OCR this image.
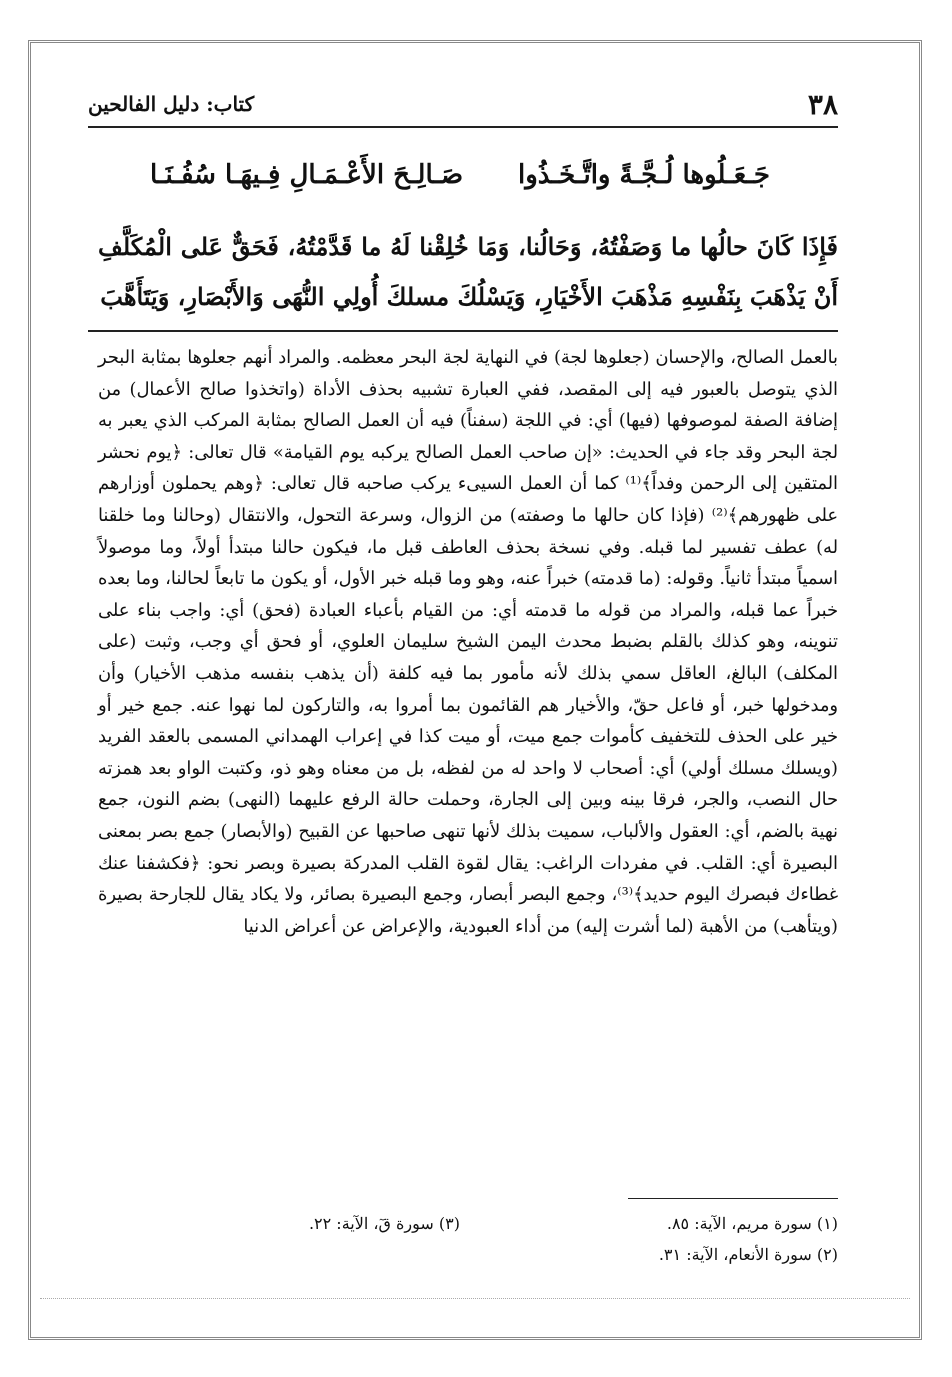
٣٨
كتاب: دليل الفالحين
جَـعَـلُوها لُـجَّـةً واتَّـخَـذُوا
صَـالِـحَ الأَعْـمَـالِ فِـيهَـا سُفُـنَـا
فَإِذَا كَانَ حالُها ما وَصَفْتُهُ، وَحَالُنا، وَمَا خُلِقْنا لَهُ ما قَدَّمْتُهُ، فَحَقٌّ عَلى الْمُكَلَّفِ أَنْ يَذْهَبَ بِنَفْسِهِ مَذْهَبَ الأَخْيَارِ، وَيَسْلُكَ مسلكَ أُولِي النُّهَى وَالأَبْصَارِ، وَيَتَأَهَّبَ

بالعمل الصالح، والإحسان (جعلوها لجة) في النهاية لجة البحر معظمه. والمراد أنهم جعلوها بمثابة البحر الذي يتوصل بالعبور فيه إلى المقصد، ففي العبارة تشبيه بحذف الأداة (واتخذوا صالح الأعمال) من إضافة الصفة لموصوفها (فيها) أي: في اللجة (سفناً) فيه أن العمل الصالح بمثابة المركب الذي يعبر به لجة البحر وقد جاء في الحديث: «إن صاحب العمل الصالح يركبه يوم القيامة» قال تعالى: ﴿يوم نحشر المتقين إلى الرحمن وفداً﴾⁽¹⁾ كما أن العمل السيىء يركب صاحبه قال تعالى: ﴿وهم يحملون أوزارهم على ظهورهم﴾⁽²⁾ (فإذا كان حالها ما وصفته) من الزوال، وسرعة التحول، والانتقال (وحالنا وما خلقنا له) عطف تفسير لما قبله. وفي نسخة بحذف العاطف قبل ما، فيكون حالنا مبتدأ أولاً، وما موصولاً اسمياً مبتدأ ثانياً. وقوله: (ما قدمته) خبراً عنه، وهو وما قبله خبر الأول، أو يكون ما تابعاً لحالنا، وما بعده خبراً عما قبله، والمراد من قوله ما قدمته أي: من القيام بأعباء العبادة (فحق) أي: واجب بناء على تنوينه، وهو كذلك بالقلم بضبط محدث اليمن الشيخ سليمان العلوي، أو فحق أي وجب، وثبت (على المكلف) البالغ، العاقل سمي بذلك لأنه مأمور بما فيه كلفة (أن يذهب بنفسه مذهب الأخيار) وأن ومدخولها خبر، أو فاعل حقّ، والأخيار هم القائمون بما أمروا به، والتاركون لما نهوا عنه. جمع خير أو خير على الحذف للتخفيف كأموات جمع ميت، أو ميت كذا في إعراب الهمداني المسمى بالعقد الفريد (ويسلك مسلك أولي) أي: أصحاب لا واحد له من لفظه، بل من معناه وهو ذو، وكتبت الواو بعد همزته حال النصب، والجر، فرقا بينه وبين إلى الجارة، وحملت حالة الرفع عليهما (النهى) بضم النون، جمع نهية بالضم، أي: العقول والألباب، سميت بذلك لأنها تنهى صاحبها عن القبيح (والأبصار) جمع بصر بمعنى البصيرة أي: القلب. في مفردات الراغب: يقال لقوة القلب المدركة بصيرة وبصر نحو: ﴿فكشفنا عنك غطاءك فبصرك اليوم حديد﴾⁽³⁾، وجمع البصر أبصار، وجمع البصيرة بصائر، ولا يكاد يقال للجارحة بصيرة (ويتأهب) من الأهبة (لما أشرت إليه) من أداء العبودية، والإعراض عن أعراض الدنيا

(١) سورة مريم، الآية: ٨٥.
(٢) سورة الأنعام، الآية: ٣١.
(٣) سورة قٓ، الآية: ٢٢.
